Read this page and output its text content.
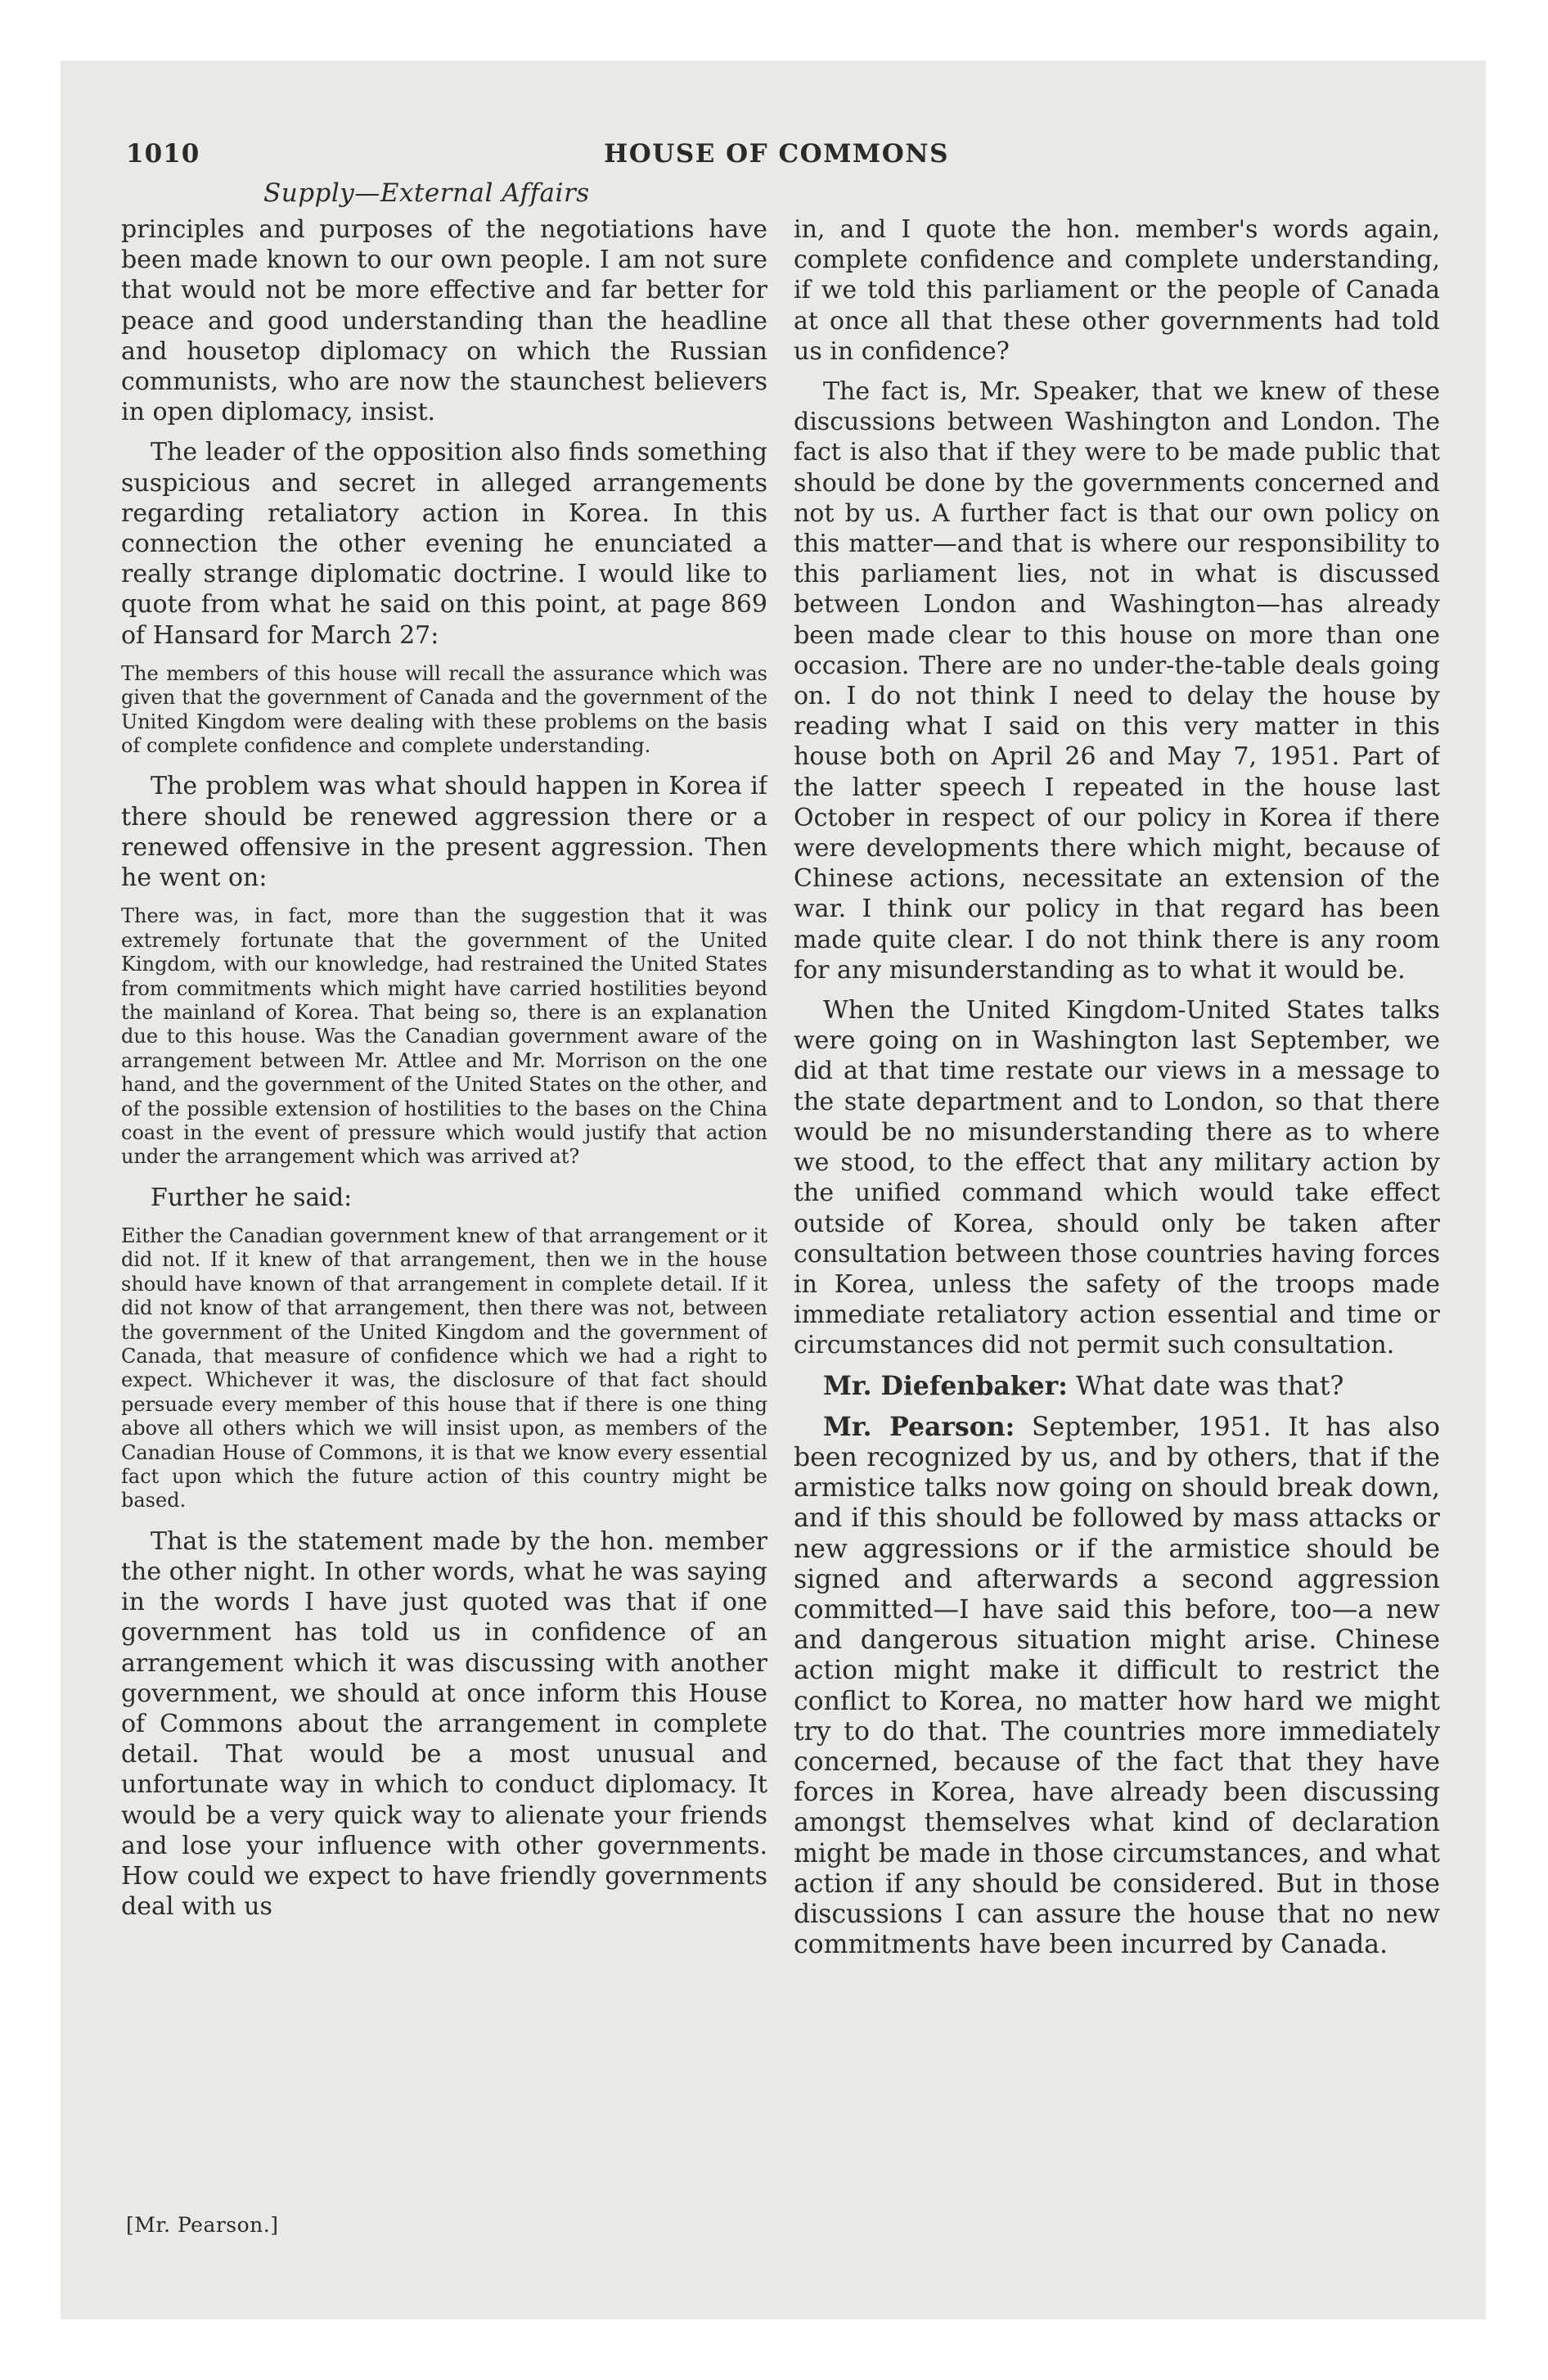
1010	HOUSE OF COMMONS
Supply—External Affairs

principles and purposes of the negotiations have been made known to our own people. I am not sure that would not be more effective and far better for peace and good understanding than the headline and housetop diplomacy on which the Russian communists, who are now the staunchest believers in open diplomacy, insist.

The leader of the opposition also finds something suspicious and secret in alleged arrangements regarding retaliatory action in Korea. In this connection the other evening he enunciated a really strange diplomatic doctrine. I would like to quote from what he said on this point, at page 869 of Hansard for March 27:

The members of this house will recall the assurance which was given that the government of Canada and the government of the United Kingdom were dealing with these problems on the basis of complete confidence and complete understanding.

The problem was what should happen in Korea if there should be renewed aggression there or a renewed offensive in the present aggression. Then he went on:

There was, in fact, more than the suggestion that it was extremely fortunate that the government of the United Kingdom, with our knowledge, had restrained the United States from commitments which might have carried hostilities beyond the mainland of Korea. That being so, there is an explanation due to this house. Was the Canadian government aware of the arrangement between Mr. Attlee and Mr. Morrison on the one hand, and the government of the United States on the other, and of the possible extension of hostilities to the bases on the China coast in the event of pressure which would justify that action under the arrangement which was arrived at?

Further he said:

Either the Canadian government knew of that arrangement or it did not. If it knew of that arrangement, then we in the house should have known of that arrangement in complete detail. If it did not know of that arrangement, then there was not, between the government of the United Kingdom and the government of Canada, that measure of confidence which we had a right to expect. Whichever it was, the disclosure of that fact should persuade every member of this house that if there is one thing above all others which we will insist upon, as members of the Canadian House of Commons, it is that we know every essential fact upon which the future action of this country might be based.

That is the statement made by the hon. member the other night. In other words, what he was saying in the words I have just quoted was that if one government has told us in confidence of an arrangement which it was discussing with another government, we should at once inform this House of Commons about the arrangement in complete detail. That would be a most unusual and unfortunate way in which to conduct diplomacy. It would be a very quick way to alienate your friends and lose your influence with other governments. How could we expect to have friendly governments deal with us

in, and I quote the hon. member's words again, complete confidence and complete understanding, if we told this parliament or the people of Canada at once all that these other governments had told us in confidence?

The fact is, Mr. Speaker, that we knew of these discussions between Washington and London. The fact is also that if they were to be made public that should be done by the governments concerned and not by us. A further fact is that our own policy on this matter—and that is where our responsibility to this parliament lies, not in what is discussed between London and Washington—has already been made clear to this house on more than one occasion. There are no under-the-table deals going on. I do not think I need to delay the house by reading what I said on this very matter in this house both on April 26 and May 7, 1951. Part of the latter speech I repeated in the house last October in respect of our policy in Korea if there were developments there which might, because of Chinese actions, necessitate an extension of the war. I think our policy in that regard has been made quite clear. I do not think there is any room for any misunderstanding as to what it would be.

When the United Kingdom-United States talks were going on in Washington last September, we did at that time restate our views in a message to the state department and to London, so that there would be no misunderstanding there as to where we stood, to the effect that any military action by the unified command which would take effect outside of Korea, should only be taken after consultation between those countries having forces in Korea, unless the safety of the troops made immediate retaliatory action essential and time or circumstances did not permit such consultation.

Mr. Diefenbaker: What date was that?

Mr. Pearson: September, 1951. It has also been recognized by us, and by others, that if the armistice talks now going on should break down, and if this should be followed by mass attacks or new aggressions or if the armistice should be signed and afterwards a second aggression committed—I have said this before, too—a new and dangerous situation might arise. Chinese action might make it difficult to restrict the conflict to Korea, no matter how hard we might try to do that. The countries more immediately concerned, because of the fact that they have forces in Korea, have already been discussing amongst themselves what kind of declaration might be made in those circumstances, and what action if any should be considered. But in those discussions I can assure the house that no new commitments have been incurred by Canada.

[Mr. Pearson.]
